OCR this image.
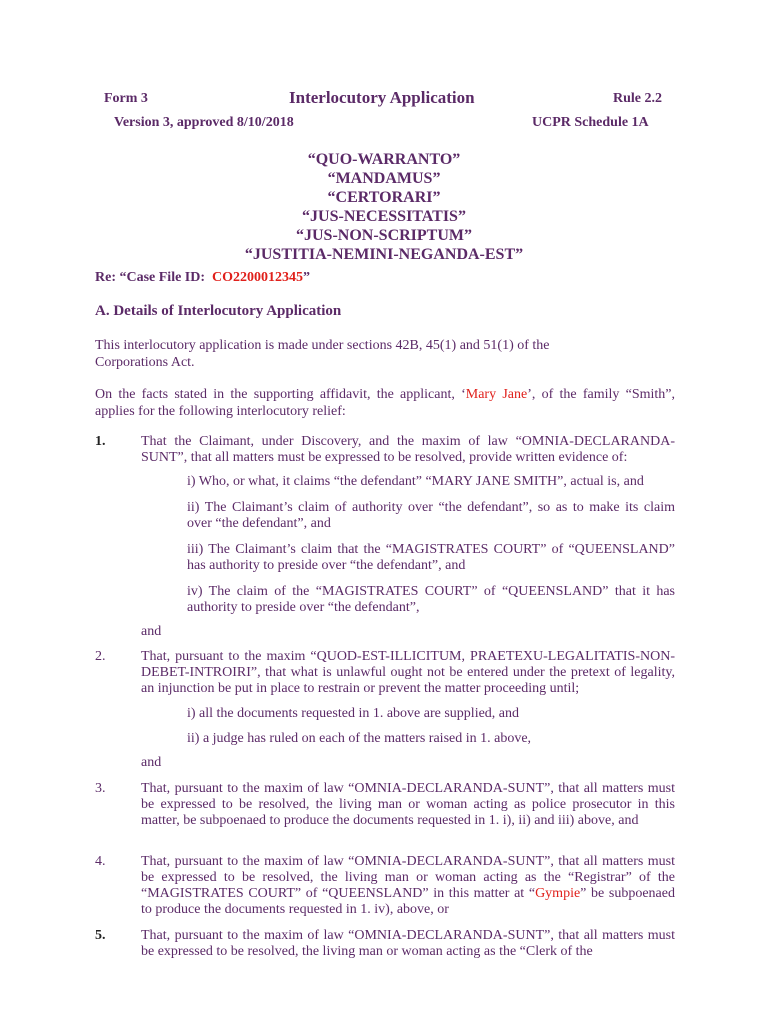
Form 3	Interlocutory Application	Rule 2.2
Version 3, approved 8/10/2018	UCPR Schedule 1A
“QUO-WARRANTO”
“MANDAMUS”
“CERTORARI”
“JUS-NECESSITATIS”
“JUS-NON-SCRIPTUM”
“JUSTITIA-NEMINI-NEGANDA-EST”
Re: “Case File ID: CO2200012345”
A. Details of Interlocutory Application
This interlocutory application is made under sections 42B, 45(1) and 51(1) of the Corporations Act.
On the facts stated in the supporting affidavit, the applicant, ‘Mary Jane’, of the family “Smith”, applies for the following interlocutory relief:
1.	That the Claimant, under Discovery, and the maxim of law “OMNIA-DECLARANDA-SUNT”, that all matters must be expressed to be resolved, provide written evidence of:
i) Who, or what, it claims “the defendant” “MARY JANE SMITH”, actual is, and
ii) The Claimant’s claim of authority over “the defendant”, so as to make its claim over “the defendant”, and
iii) The Claimant’s claim that the “MAGISTRATES COURT” of “QUEENSLAND” has authority to preside over “the defendant”, and
iv) The claim of the “MAGISTRATES COURT” of “QUEENSLAND” that it has authority to preside over “the defendant”,
and
2.	That, pursuant to the maxim “QUOD-EST-ILLICITUM, PRAETEXU-LEGALITATIS-NON-DEBET-INTROIRI”, that what is unlawful ought not be entered under the pretext of legality, an injunction be put in place to restrain or prevent the matter proceeding until;
i) all the documents requested in 1. above are supplied, and
ii) a judge has ruled on each of the matters raised in 1. above,
and
3.	That, pursuant to the maxim of law “OMNIA-DECLARANDA-SUNT”, that all matters must be expressed to be resolved, the living man or woman acting as police prosecutor in this matter, be subpoenaed to produce the documents requested in 1. i), ii) and iii) above, and
4.	That, pursuant to the maxim of law “OMNIA-DECLARANDA-SUNT”, that all matters must be expressed to be resolved, the living man or woman acting as the “Registrar” of the “MAGISTRATES COURT” of “QUEENSLAND” in this matter at “Gympie” be subpoenaed to produce the documents requested in 1. iv), above, or
5.	That, pursuant to the maxim of law “OMNIA-DECLARANDA-SUNT”, that all matters must be expressed to be resolved, the living man or woman acting as the “Clerk of the
